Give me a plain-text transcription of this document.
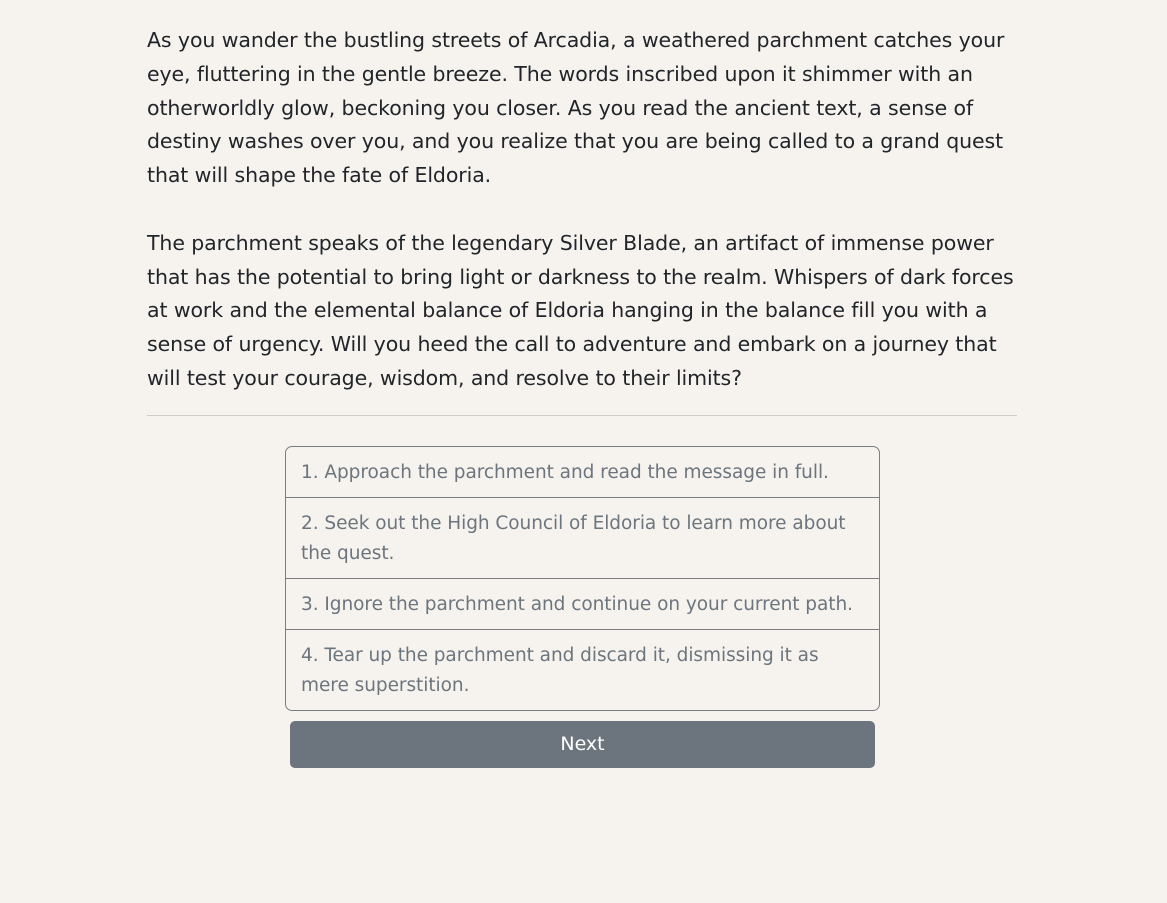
As you wander the bustling streets of Arcadia, a weathered parchment catches your eye, fluttering in the gentle breeze. The words inscribed upon it shimmer with an otherworldly glow, beckoning you closer. As you read the ancient text, a sense of destiny washes over you, and you realize that you are being called to a grand quest that will shape the fate of Eldoria.

The parchment speaks of the legendary Silver Blade, an artifact of immense power that has the potential to bring light or darkness to the realm. Whispers of dark forces at work and the elemental balance of Eldoria hanging in the balance fill you with a sense of urgency. Will you heed the call to adventure and embark on a journey that will test your courage, wisdom, and resolve to their limits?

1. Approach the parchment and read the message in full.
2. Seek out the High Council of Eldoria to learn more about the quest.
3. Ignore the parchment and continue on your current path.
4. Tear up the parchment and discard it, dismissing it as mere superstition.
Next
